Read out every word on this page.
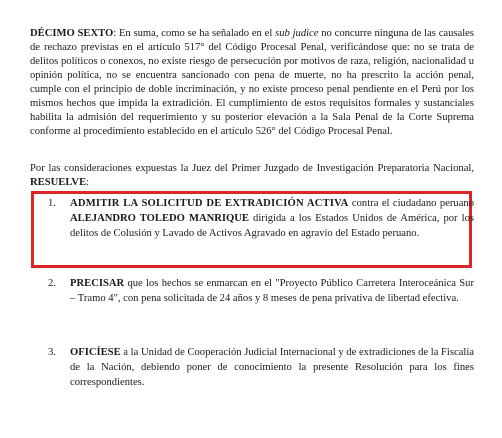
DÉCIMO SEXTO: En suma, como se ha señalado en el sub judice no concurre ninguna de las causales de rechazo previstas en el artículo 517° del Código Procesal Penal, verificándose que: no se trata de delitos políticos o conexos, no existe riesgo de persecución por motivos de raza, religión, nacionalidad u opinión política, no se encuentra sancionado con pena de muerte, no ha prescrito la acción penal, cumple con el principio de doble incriminación, y no existe proceso penal pendiente en el Perú por los mismos hechos que impida la extradición. El cumplimiento de estos requisitos formales y sustanciales habilita la admisión del requerimiento y su posterior elevación a la Sala Penal de la Corte Suprema conforme al procedimiento establecido en el artículo 526° del Código Procesal Penal.
Por las consideraciones expuestas la Juez del Primer Juzgado de Investigación Preparatoria Nacional, RESUELVE:
1. ADMITIR LA SOLICITUD DE EXTRADICIÓN ACTIVA contra el ciudadano peruano ALEJANDRO TOLEDO MANRIQUE dirigida a los Estados Unidos de América, por los delitos de Colusión y Lavado de Activos Agravado en agravio del Estado peruano.
2. PRECISAR que los hechos se enmarcan en el "Proyecto Público Carretera Interoceánica Sur – Tramo 4", con pena solicitada de 24 años y 8 meses de pena privativa de libertad efectiva.
3. OFICÍESE a la Unidad de Cooperación Judicial Internacional y de extradiciones de la Fiscalía de la Nación, debiendo poner de conocimiento la presente Resolución para los fines correspondientes.
